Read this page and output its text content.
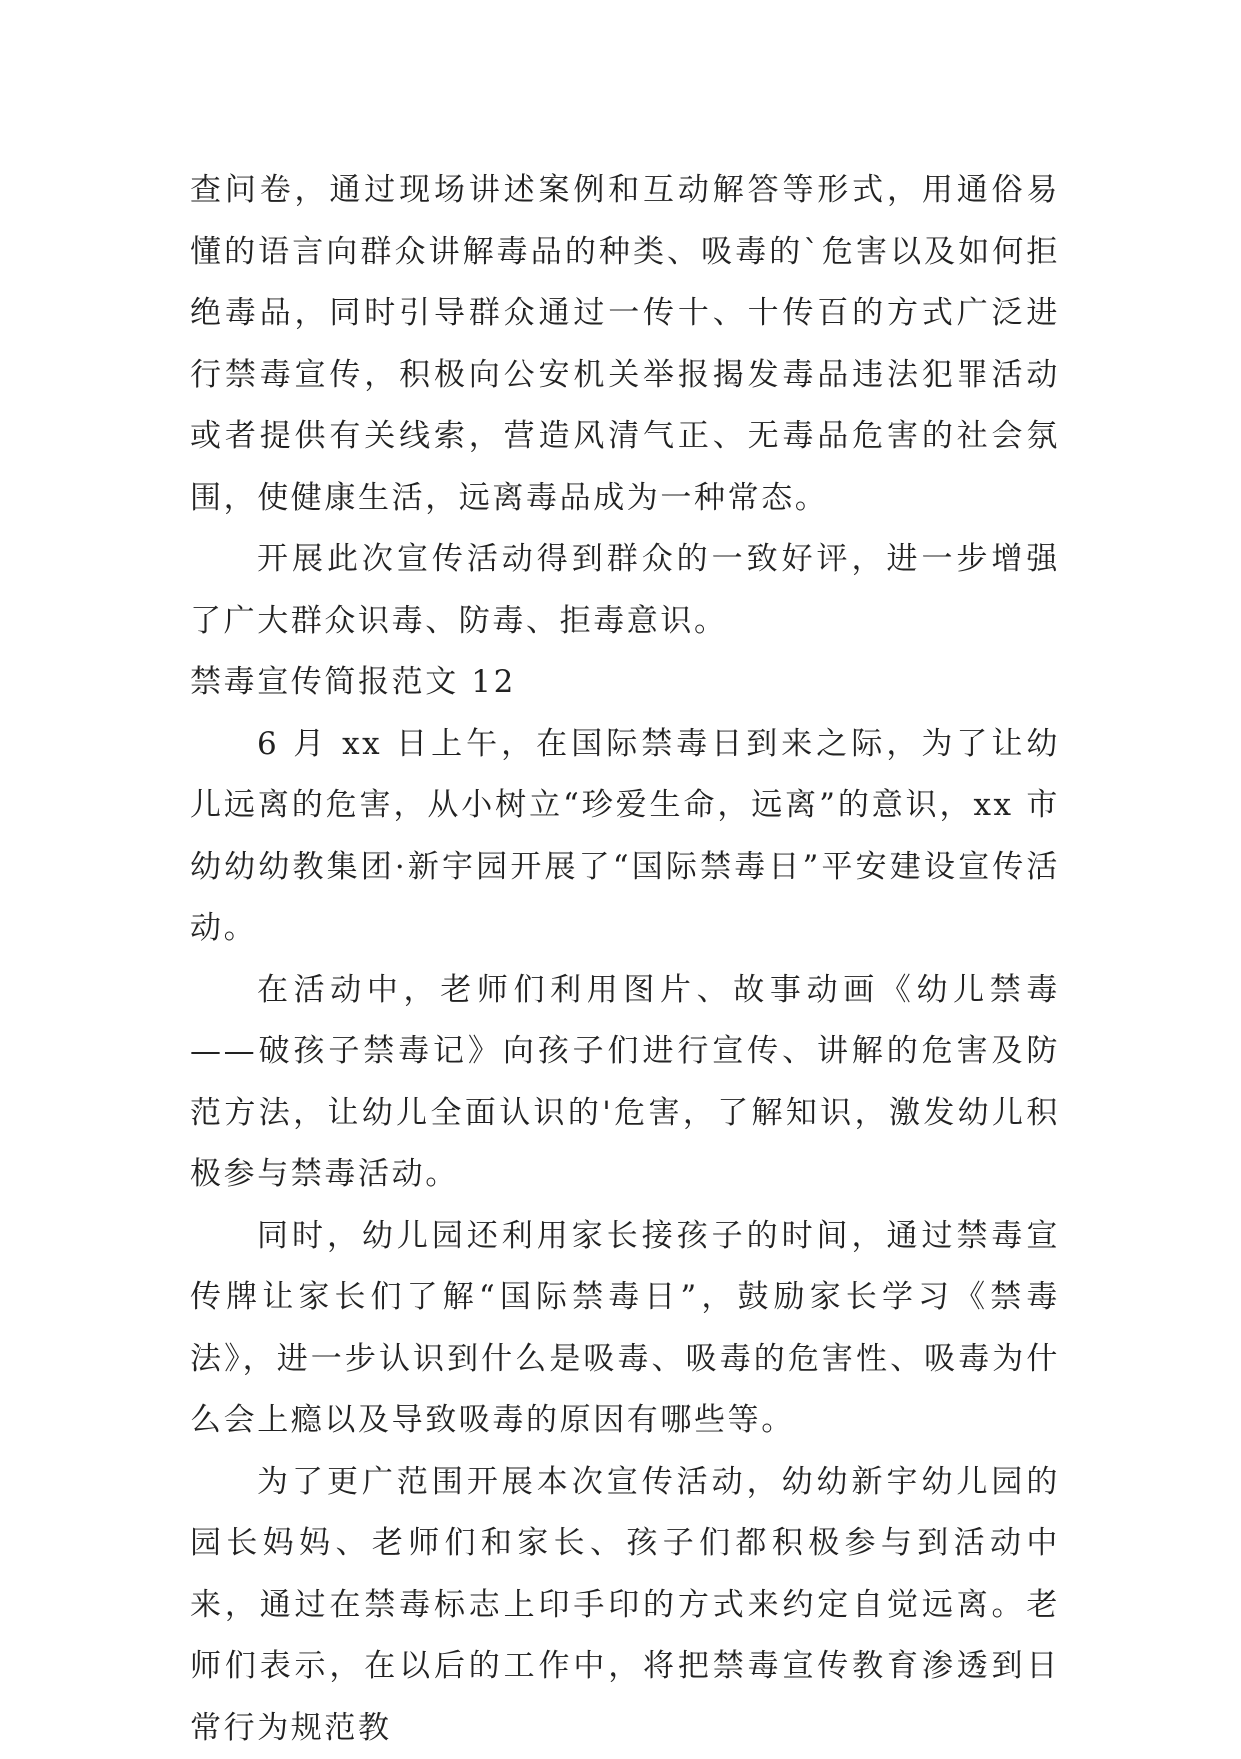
查问卷，通过现场讲述案例和互动解答等形式，用通俗易懂的语言向群众讲解毒品的种类、吸毒的`危害以及如何拒绝毒品，同时引导群众通过一传十、十传百的方式广泛进行禁毒宣传，积极向公安机关举报揭发毒品违法犯罪活动或者提供有关线索，营造风清气正、无毒品危害的社会氛围，使健康生活，远离毒品成为一种常态。

开展此次宣传活动得到群众的一致好评，进一步增强了广大群众识毒、防毒、拒毒意识。

禁毒宣传简报范文 12

6 月 xx 日上午，在国际禁毒日到来之际，为了让幼儿远离的危害，从小树立“珍爱生命，远离”的意识，xx 市幼幼幼教集团·新宇园开展了“国际禁毒日”平安建设宣传活动。

在活动中，老师们利用图片、故事动画《幼儿禁毒——破孩子禁毒记》向孩子们进行宣传、讲解的危害及防范方法，让幼儿全面认识的'危害，了解知识，激发幼儿积极参与禁毒活动。

同时，幼儿园还利用家长接孩子的时间，通过禁毒宣传牌让家长们了解“国际禁毒日”，鼓励家长学习《禁毒法》，进一步认识到什么是吸毒、吸毒的危害性、吸毒为什么会上瘾以及导致吸毒的原因有哪些等。

为了更广范围开展本次宣传活动，幼幼新宇幼儿园的园长妈妈、老师们和家长、孩子们都积极参与到活动中来，通过在禁毒标志上印手印的方式来约定自觉远离。老师们表示，在以后的工作中，将把禁毒宣传教育渗透到日常行为规范教
